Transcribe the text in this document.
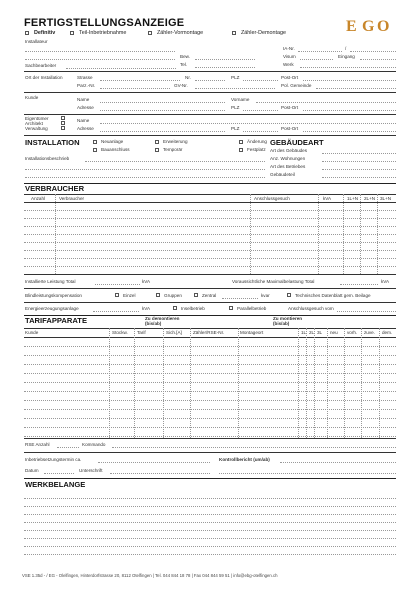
FERTIGSTELLUNGSANZEIGE	E G O
Definitiv	Teil-Inbetriebnahme	Zähler-Vormontage	Zähler-Demontage
Installateur
Bew.
Tel.
Sachbearbeiter
IA-Nr.	/
Visum	Eingang
Werk
Ort der Installation	Strasse	Nr.	PLZ	Post-Ort
Parz.-Nr.	GV-Nr.	Pol. Gemeinde
Kunde	Name	Vorname
Adresse	PLZ	Post-Ort
Eigentümer
Architekt
Verwaltung
Name
Adresse	PLZ	Post-Ort
INSTALLATION	Neuanlage	Erweiterung	Änderung
Bauanschluss	Temporär	Festplatz
Installationsbeschrieb
GEBÄUDEART
Art des Gebäudes
Anz. Wohnungen
Art des Betriebes
Gebäudeteil
VERBRAUCHER
Anzahl	Verbraucher	Anschlussgesuch	kVA	1L+N 2L+N 3L+N
Installierte Leistung Total	kVA	Voraussichtliche Maximalbelastung Total	kVA
Blindleistungskompensation	Einzel	Gruppen	Zentral	kvar	Technisches Datenblatt gem. Beilage
Energieerzeugungsanlage	kVA	Inselbetrieb	Parallelbetrieb	Anschlussgesuch vom
TARIFAPPARATE	Zu demontieren
(bis/ab)
Zu montieren
(bis/ab)
Kunde	Stockw. Tarif	Sich.[A] Zähler/RSE-Nr.	Montageort	1L 2L 3L neu vorh. zuve. dem.
RSE Anzahl	Kommando
Inbetriebsetzungstermin ca.	Kontrollbericht (um/ab)
Datum	Unterschrift
WERKBELANGE
VSE 1.35d - / EG - Olelfingen, Hinterdorfstrasse 20, 8112 Otelfingen | Tel. 044 844 18 78 | Fax 044 844 59 51 | info@ebg-otelfingen.ch
